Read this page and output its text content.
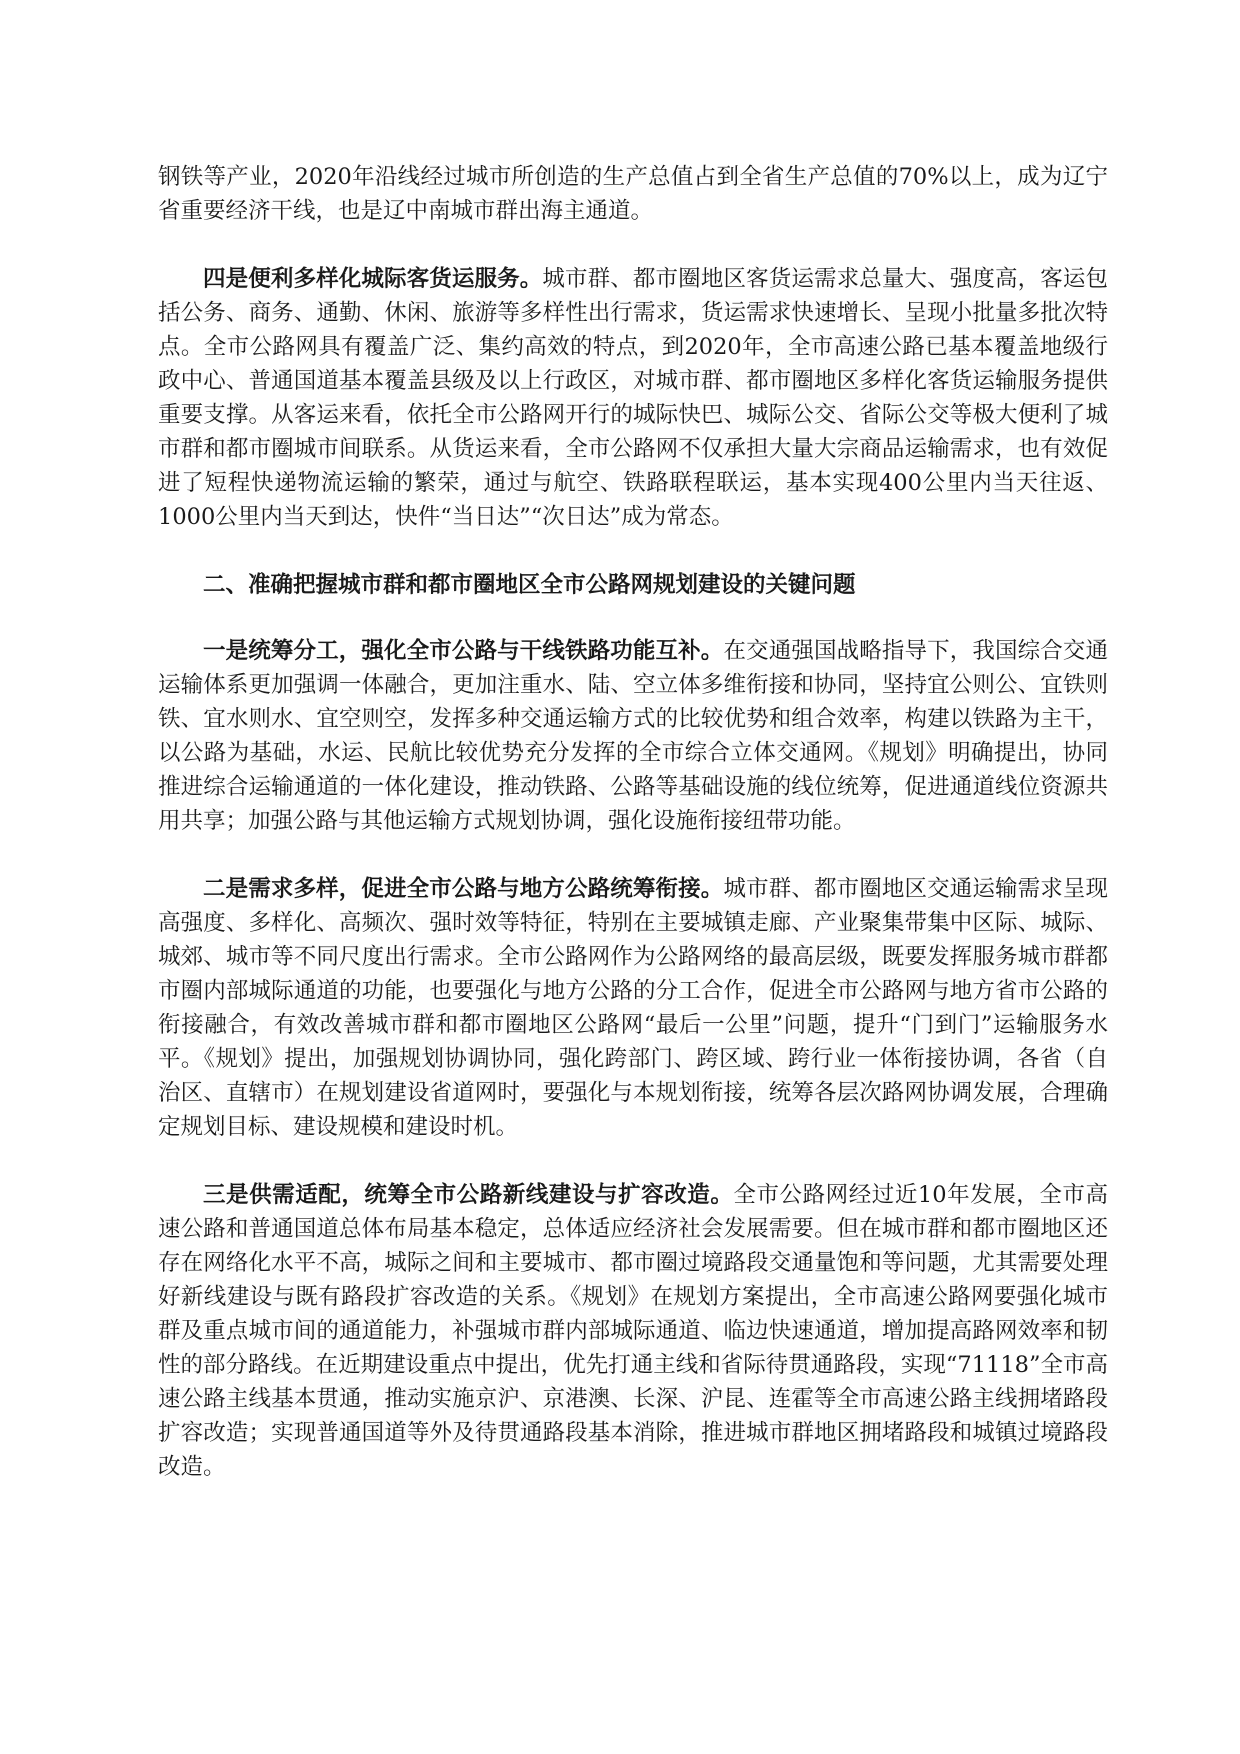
钢铁等产业，2020年沿线经过城市所创造的生产总值占到全省生产总值的70%以上，成为辽宁省重要经济干线，也是辽中南城市群出海主通道。

四是便利多样化城际客货运服务。城市群、都市圈地区客货运需求总量大、强度高，客运包括公务、商务、通勤、休闲、旅游等多样性出行需求，货运需求快速增长、呈现小批量多批次特点。全市公路网具有覆盖广泛、集约高效的特点，到2020年，全市高速公路已基本覆盖地级行政中心、普通国道基本覆盖县级及以上行政区，对城市群、都市圈地区多样化客货运输服务提供重要支撑。从客运来看，依托全市公路网开行的城际快巴、城际公交、省际公交等极大便利了城市群和都市圈城市间联系。从货运来看，全市公路网不仅承担大量大宗商品运输需求，也有效促进了短程快递物流运输的繁荣，通过与航空、铁路联程联运，基本实现400公里内当天往返、1000公里内当天到达，快件“当日达”“次日达”成为常态。

二、准确把握城市群和都市圈地区全市公路网规划建设的关键问题

一是统筹分工，强化全市公路与干线铁路功能互补。在交通强国战略指导下，我国综合交通运输体系更加强调一体融合，更加注重水、陆、空立体多维衔接和协同，坚持宜公则公、宜铁则铁、宜水则水、宜空则空，发挥多种交通运输方式的比较优势和组合效率，构建以铁路为主干，以公路为基础，水运、民航比较优势充分发挥的全市综合立体交通网。《规划》明确提出，协同推进综合运输通道的一体化建设，推动铁路、公路等基础设施的线位统筹，促进通道线位资源共用共享；加强公路与其他运输方式规划协调，强化设施衔接纽带功能。

二是需求多样，促进全市公路与地方公路统筹衔接。城市群、都市圈地区交通运输需求呈现高强度、多样化、高频次、强时效等特征，特别在主要城镇走廊、产业聚集带集中区际、城际、城郊、城市等不同尺度出行需求。全市公路网作为公路网络的最高层级，既要发挥服务城市群都市圈内部城际通道的功能，也要强化与地方公路的分工合作，促进全市公路网与地方省市公路的衔接融合，有效改善城市群和都市圈地区公路网“最后一公里”问题，提升“门到门”运输服务水平。《规划》提出，加强规划协调协同，强化跨部门、跨区域、跨行业一体衔接协调，各省（自治区、直辖市）在规划建设省道网时，要强化与本规划衔接，统筹各层次路网协调发展，合理确定规划目标、建设规模和建设时机。

三是供需适配，统筹全市公路新线建设与扩容改造。全市公路网经过近10年发展，全市高速公路和普通国道总体布局基本稳定，总体适应经济社会发展需要。但在城市群和都市圈地区还存在网络化水平不高，城际之间和主要城市、都市圈过境路段交通量饱和等问题，尤其需要处理好新线建设与既有路段扩容改造的关系。《规划》在规划方案提出，全市高速公路网要强化城市群及重点城市间的通道能力，补强城市群内部城际通道、临边快速通道，增加提高路网效率和韧性的部分路线。在近期建设重点中提出，优先打通主线和省际待贯通路段，实现“71118”全市高速公路主线基本贯通，推动实施京沪、京港澳、长深、沪昆、连霍等全市高速公路主线拥堵路段扩容改造；实现普通国道等外及待贯通路段基本消除，推进城市群地区拥堵路段和城镇过境路段改造。
